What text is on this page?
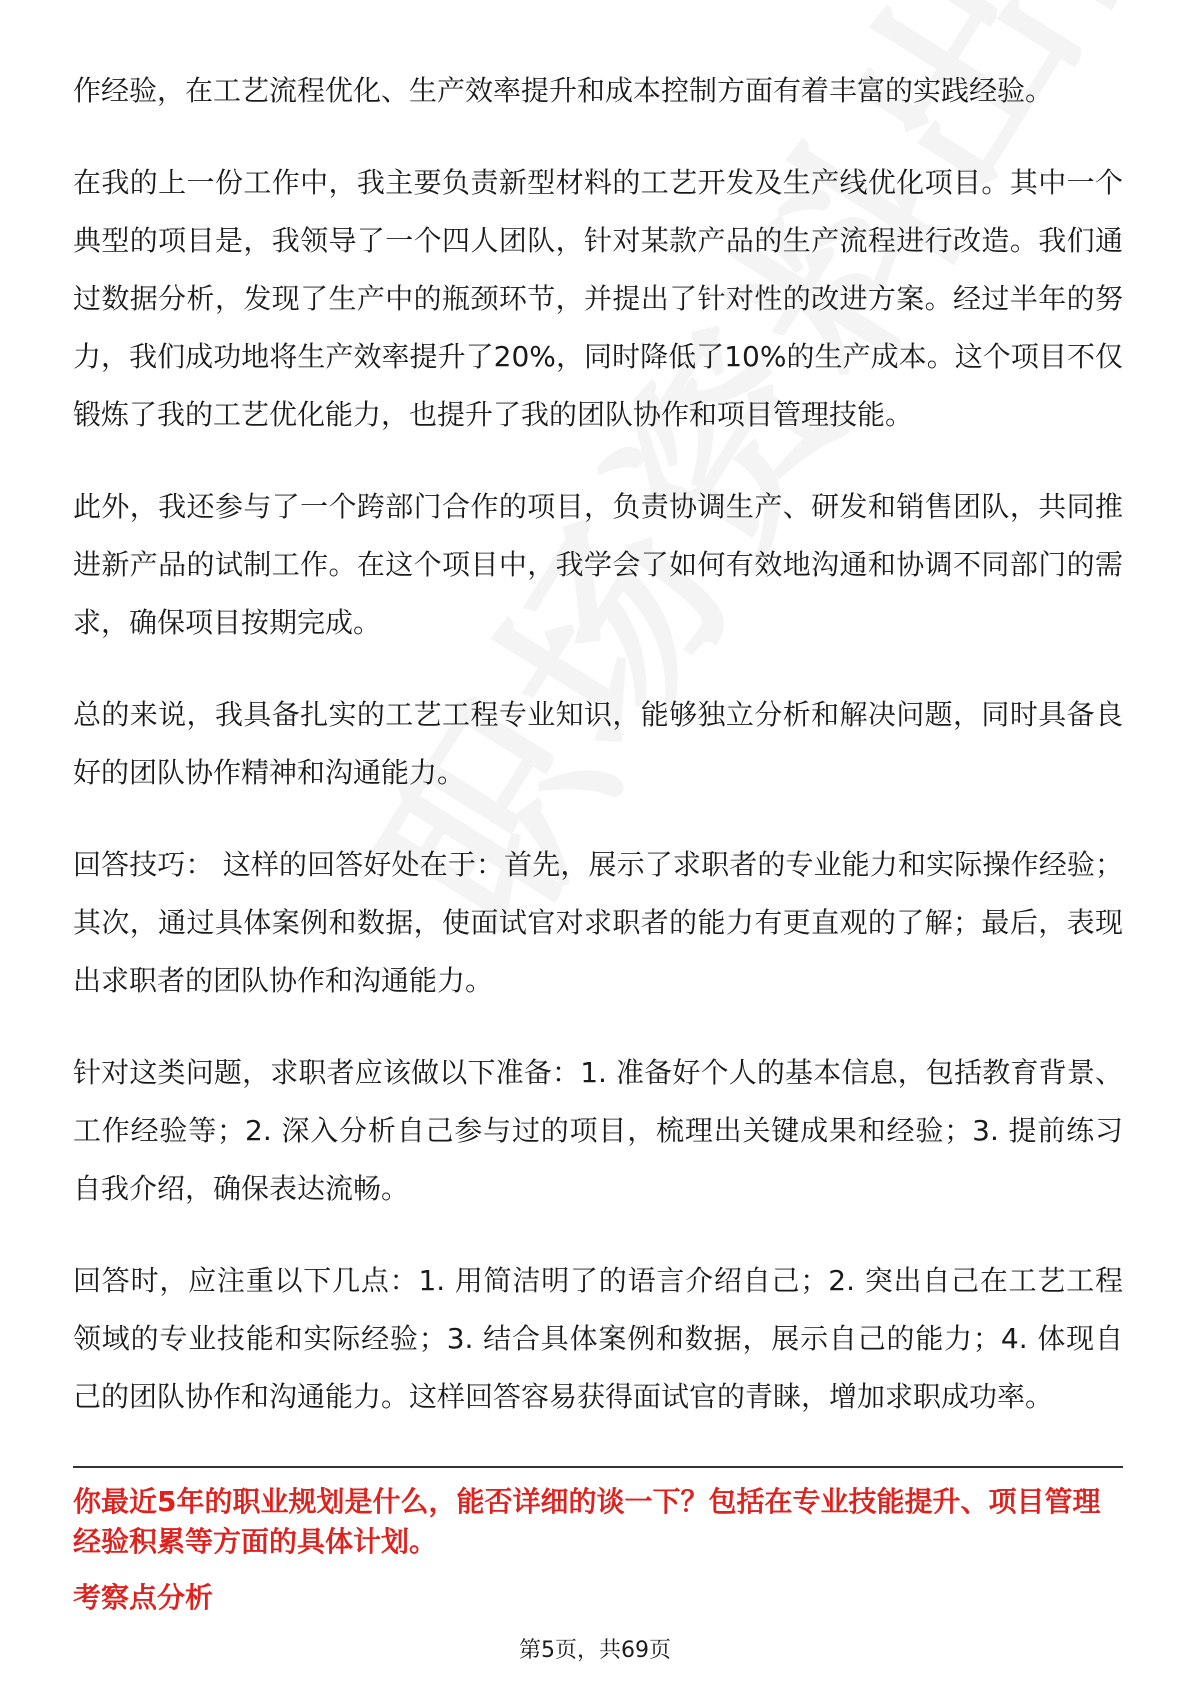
作经验，在工艺流程优化、生产效率提升和成本控制方面有着丰富的实践经验。

在我的上一份工作中，我主要负责新型材料的工艺开发及生产线优化项目。其中一个典型的项目是，我领导了一个四人团队，针对某款产品的生产流程进行改造。我们通过数据分析，发现了生产中的瓶颈环节，并提出了针对性的改进方案。经过半年的努力，我们成功地将生产效率提升了20%，同时降低了10%的生产成本。这个项目不仅锻炼了我的工艺优化能力，也提升了我的团队协作和项目管理技能。

此外，我还参与了一个跨部门合作的项目，负责协调生产、研发和销售团队，共同推进新产品的试制工作。在这个项目中，我学会了如何有效地沟通和协调不同部门的需求，确保项目按期完成。

总的来说，我具备扎实的工艺工程专业知识，能够独立分析和解决问题，同时具备良好的团队协作精神和沟通能力。

回答技巧： 这样的回答好处在于：首先，展示了求职者的专业能力和实际操作经验；其次，通过具体案例和数据，使面试官对求职者的能力有更直观的了解；最后，表现出求职者的团队协作和沟通能力。

针对这类问题，求职者应该做以下准备：1. 准备好个人的基本信息，包括教育背景、工作经验等；2. 深入分析自己参与过的项目，梳理出关键成果和经验；3. 提前练习自我介绍，确保表达流畅。

回答时，应注重以下几点：1. 用简洁明了的语言介绍自己；2. 突出自己在工艺工程领域的专业技能和实际经验；3. 结合具体案例和数据，展示自己的能力；4. 体现自己的团队协作和沟通能力。这样回答容易获得面试官的青睐，增加求职成功率。

你最近5年的职业规划是什么，能否详细的谈一下？包括在专业技能提升、项目管理经验积累等方面的具体计划。

考察点分析

第5页，共69页
